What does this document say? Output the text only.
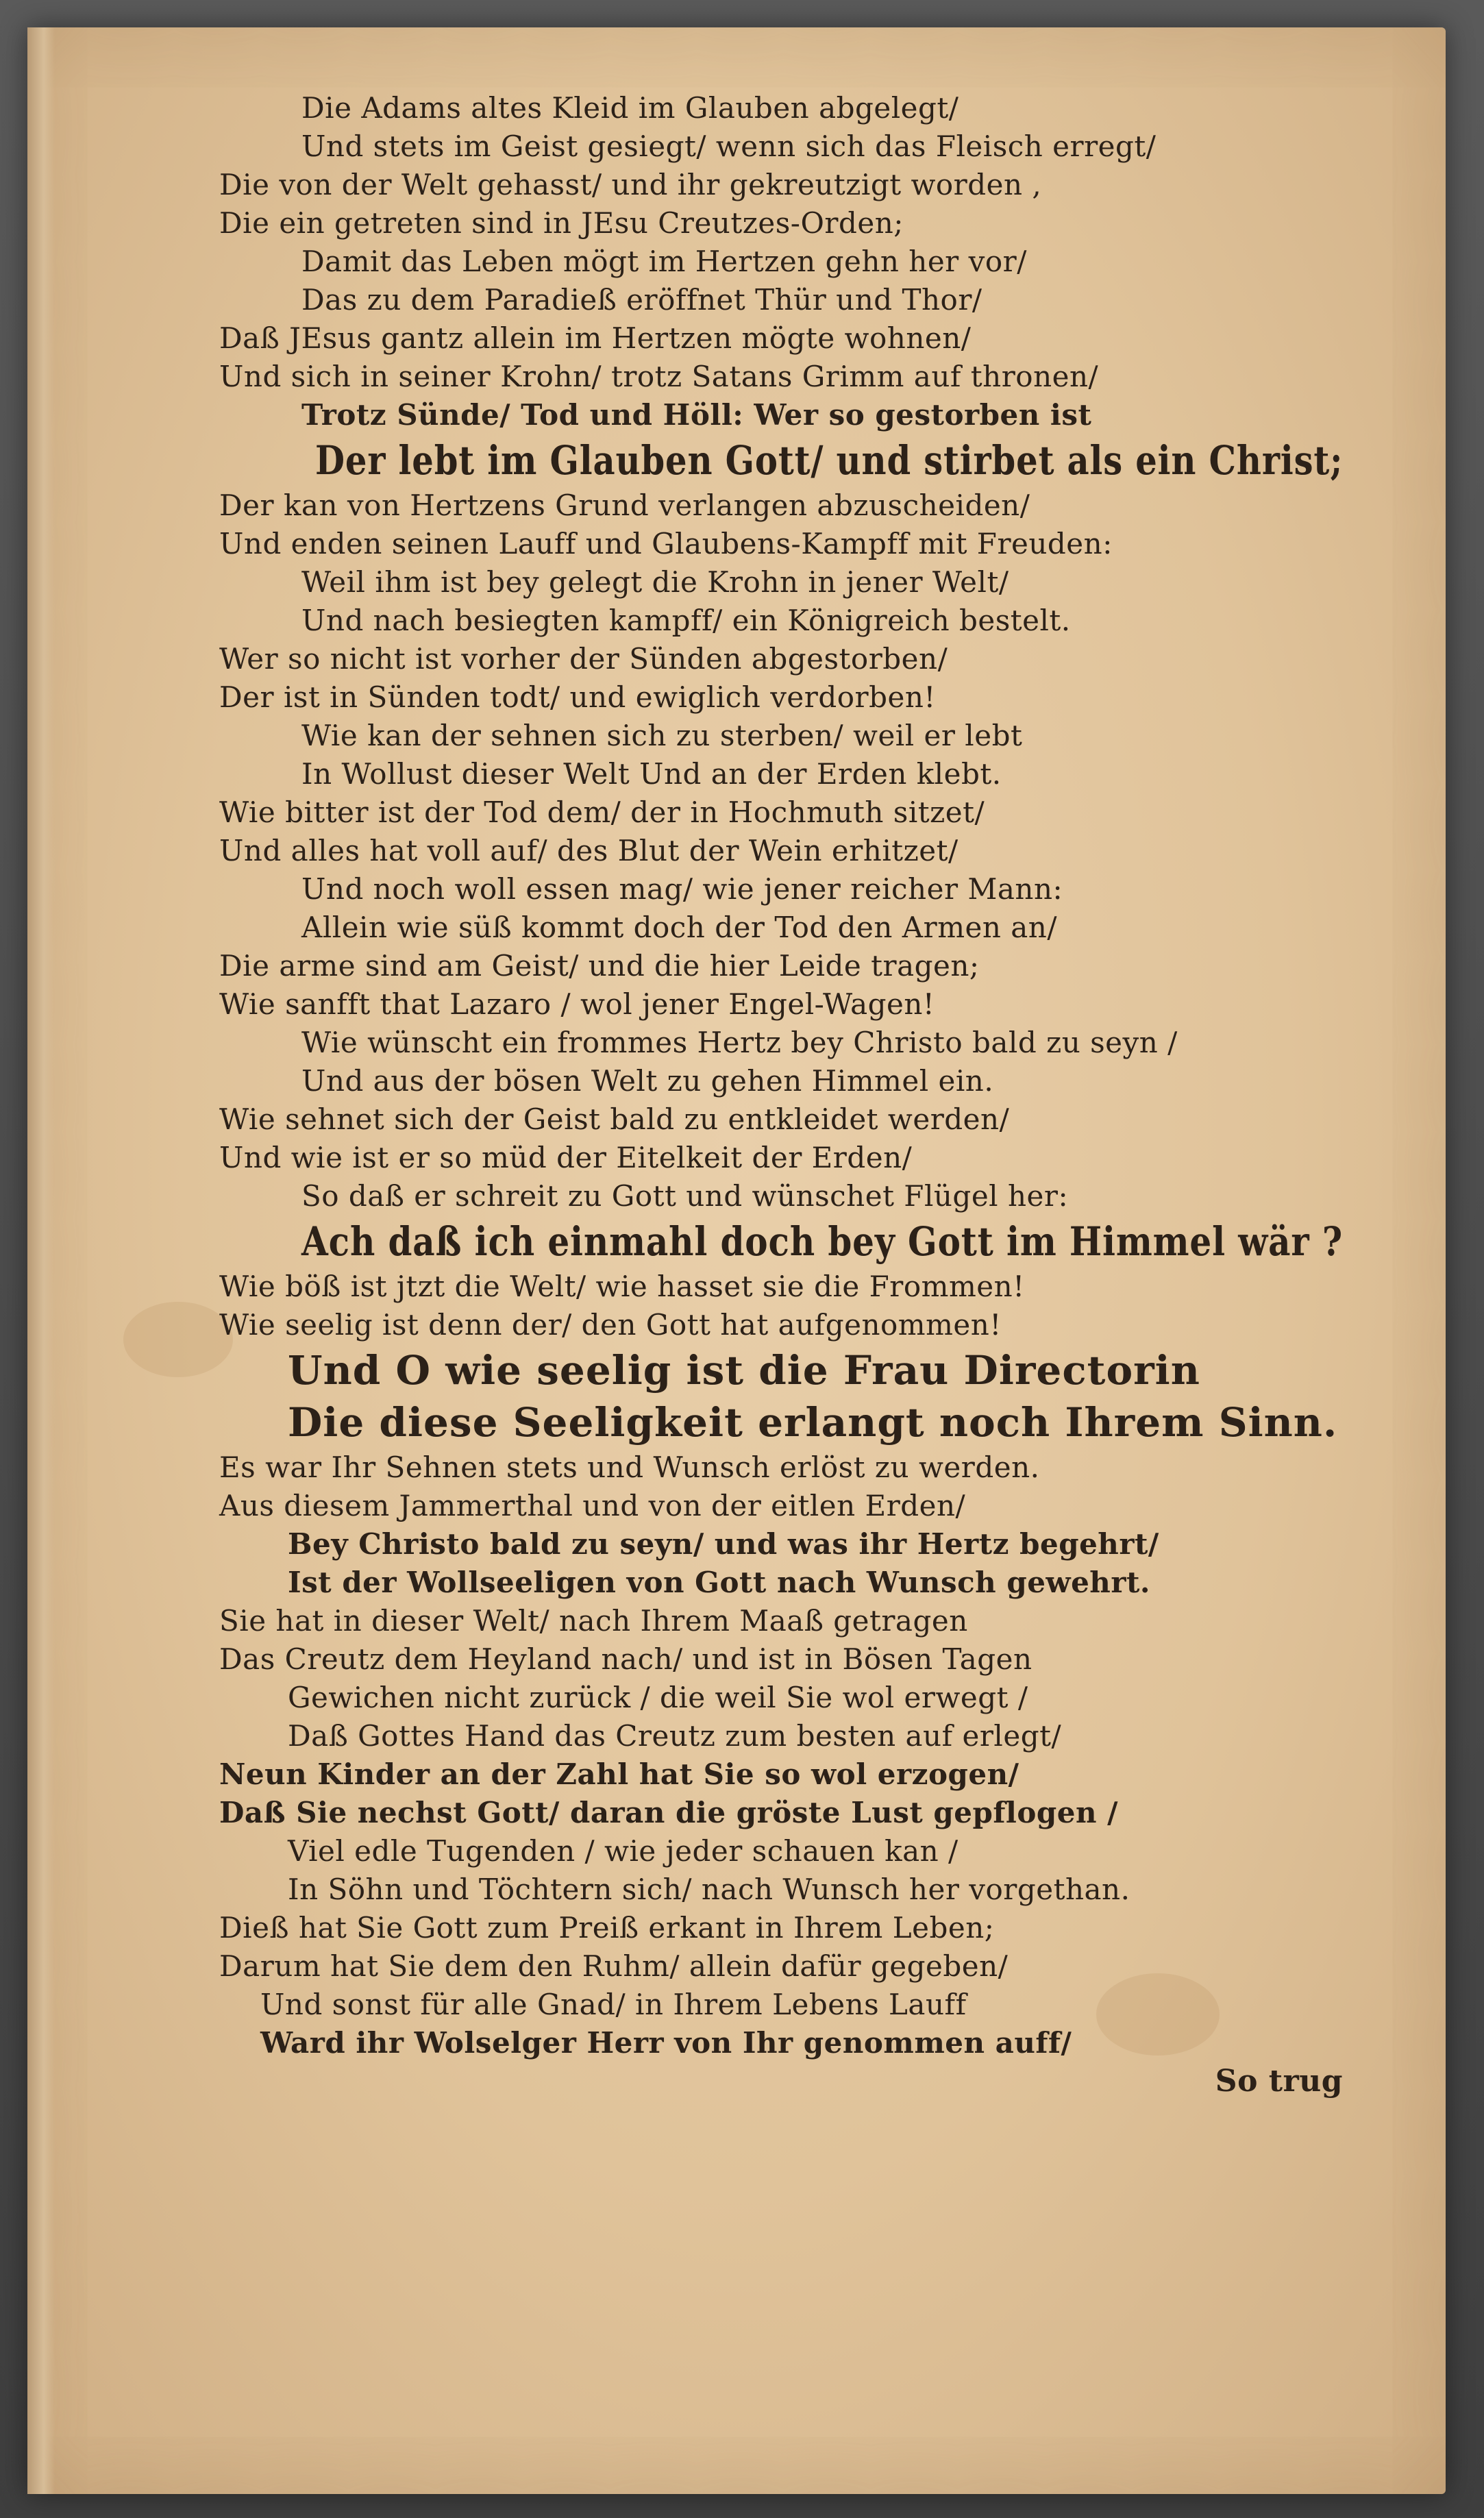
Die Adams altes Kleid im Glauben abgelegt/
Und stets im Geist gesiegt/ wenn sich das Fleisch erregt/
Die von der Welt gehasst/ und ihr gekreutzigt worden ,
Die ein getreten sind in JEsu Creutzes-Orden;
Damit das Leben mögt im Hertzen gehn her vor/
Das zu dem Paradieß eröffnet Thür und Thor/
Daß JEsus gantz allein im Hertzen mögte wohnen/
Und sich in seiner Krohn/ trotz Satans Grimm auf thronen/
Trotz Sünde/ Tod und Höll: Wer so gestorben ist
Der lebt im Glauben Gott/ und stirbet als ein Christ;
Der kan von Hertzens Grund verlangen abzuscheiden/
Und enden seinen Lauff und Glaubens-Kampff mit Freuden:
Weil ihm ist bey gelegt die Krohn in jener Welt/
Und nach besiegten kampff/ ein Königreich bestelt.
Wer so nicht ist vorher der Sünden abgestorben/
Der ist in Sünden todt/ und ewiglich verdorben!
Wie kan der sehnen sich zu sterben/ weil er lebt
In Wollust dieser Welt Und an der Erden klebt.
Wie bitter ist der Tod dem/ der in Hochmuth sitzet/
Und alles hat voll auf/ des Blut der Wein erhitzet/
Und noch woll essen mag/ wie jener reicher Mann:
Allein wie süß kommt doch der Tod den Armen an/
Die arme sind am Geist/ und die hier Leide tragen;
Wie sanfft that Lazaro / wol jener Engel-Wagen!
Wie wünscht ein frommes Hertz bey Christo bald zu seyn /
Und aus der bösen Welt zu gehen Himmel ein.
Wie sehnet sich der Geist bald zu entkleidet werden/
Und wie ist er so müd der Eitelkeit der Erden/
So daß er schreit zu Gott und wünschet Flügel her:
Ach daß ich einmahl doch bey Gott im Himmel wär ?
Wie böß ist jtzt die Welt/ wie hasset sie die Frommen!
Wie seelig ist denn der/ den Gott hat aufgenommen!
Und O wie seelig ist die Frau Directorin
Die diese Seeligkeit erlangt noch Ihrem Sinn.
Es war Ihr Sehnen stets und Wunsch erlöst zu werden.
Aus diesem Jammerthal und von der eitlen Erden/
Bey Christo bald zu seyn/ und was ihr Hertz begehrt/
Ist der Wollseeligen von Gott nach Wunsch gewehrt.
Sie hat in dieser Welt/ nach Ihrem Maaß getragen
Das Creutz dem Heyland nach/ und ist in Bösen Tagen
Gewichen nicht zurück / die weil Sie wol erwegt /
Daß Gottes Hand das Creutz zum besten auf erlegt/
Neun Kinder an der Zahl hat Sie so wol erzogen/
Daß Sie nechst Gott/ daran die gröste Lust gepflogen /
Viel edle Tugenden / wie jeder schauen kan /
In Söhn und Töchtern sich/ nach Wunsch her vorgethan.
Dieß hat Sie Gott zum Preiß erkant in Ihrem Leben;
Darum hat Sie dem den Ruhm/ allein dafür gegeben/
Und sonst für alle Gnad/ in Ihrem Lebens Lauff
Ward ihr Wolselger Herr von Ihr genommen auff/
So trug
